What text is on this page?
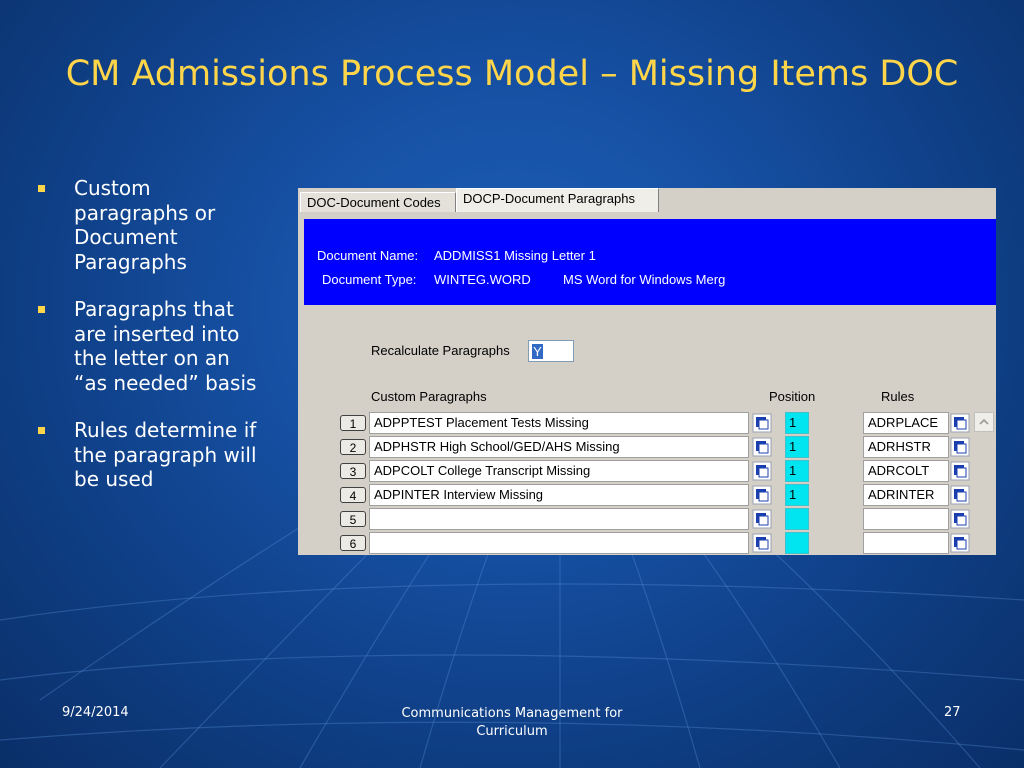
CM Admissions Process Model – Missing Items DOC
Custom paragraphs or Document Paragraphs
Paragraphs that are inserted into the letter on an “as needed” basis
Rules determine if the paragraph will be used
DOC-Document Codes	DOCP-Document Paragraphs
Document Name: ADDMISS1 Missing Letter 1
Document Type: WINTEG.WORD MS Word for Windows Merg
Recalculate Paragraphs Y
Custom Paragraphs	Position	Rules
1	ADPPTEST Placement Tests Missing	1	ADRPLACE
2	ADPHSTR High School/GED/AHS Missing	1	ADRHSTR
3	ADPCOLT College Transcript Missing	1	ADRCOLT
4	ADPINTER Interview Missing	1	ADRINTER
5
6
9/24/2014	Communications Management for Curriculum
27
